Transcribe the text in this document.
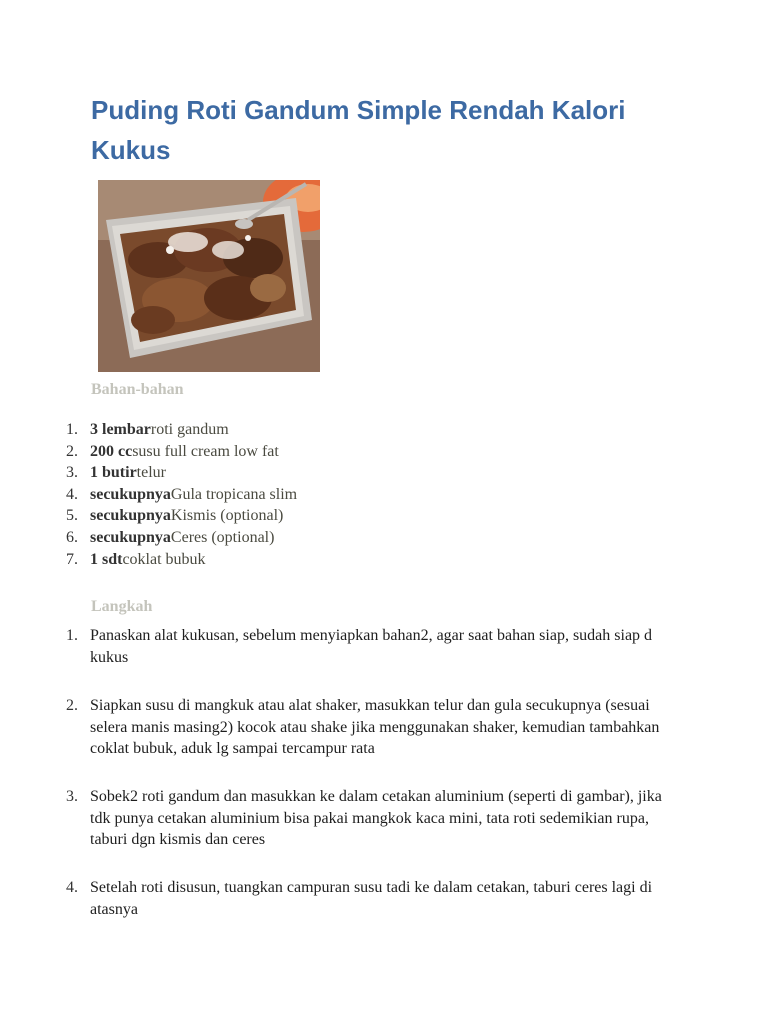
Puding Roti Gandum Simple Rendah Kalori Kukus
Bahan-bahan
1. 3 lembarroti gandum
2. 200 ccsusu full cream low fat
3. 1 butirtelur
4. secukupnyaGula tropicana slim
5. secukupnyaKismis (optional)
6. secukupnyaCeres (optional)
7. 1 sdtcoklat bubuk
Langkah
1. Panaskan alat kukusan, sebelum menyiapkan bahan2, agar saat bahan siap, sudah siap d kukus
2. Siapkan susu di mangkuk atau alat shaker, masukkan telur dan gula secukupnya (sesuai selera manis masing2) kocok atau shake jika menggunakan shaker, kemudian tambahkan coklat bubuk, aduk lg sampai tercampur rata
3. Sobek2 roti gandum dan masukkan ke dalam cetakan aluminium (seperti di gambar), jika tdk punya cetakan aluminium bisa pakai mangkok kaca mini, tata roti sedemikian rupa, taburi dgn kismis dan ceres
4. Setelah roti disusun, tuangkan campuran susu tadi ke dalam cetakan, taburi ceres lagi di atasnya
